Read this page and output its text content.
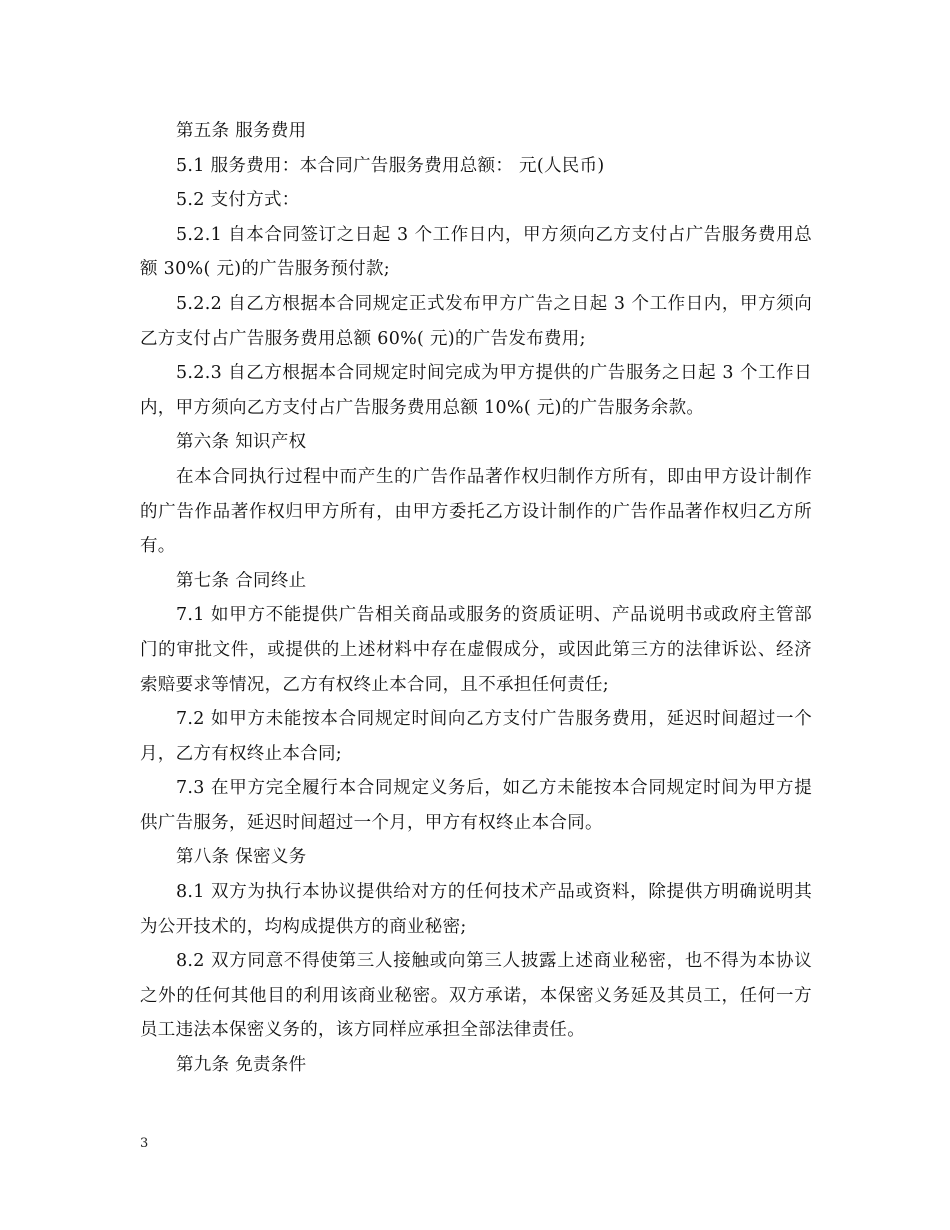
第五条 服务费用

5.1 服务费用：本合同广告服务费用总额： 元(人民币)

5.2 支付方式：

5.2.1 自本合同签订之日起 3 个工作日内，甲方须向乙方支付占广告服务费用总额 30%( 元)的广告服务预付款;

5.2.2 自乙方根据本合同规定正式发布甲方广告之日起 3 个工作日内，甲方须向乙方支付占广告服务费用总额 60%( 元)的广告发布费用;

5.2.3 自乙方根据本合同规定时间完成为甲方提供的广告服务之日起 3 个工作日内，甲方须向乙方支付占广告服务费用总额 10%( 元)的广告服务余款。

第六条 知识产权

在本合同执行过程中而产生的广告作品著作权归制作方所有，即由甲方设计制作的广告作品著作权归甲方所有，由甲方委托乙方设计制作的广告作品著作权归乙方所有。

第七条 合同终止

7.1 如甲方不能提供广告相关商品或服务的资质证明、产品说明书或政府主管部门的审批文件，或提供的上述材料中存在虚假成分，或因此第三方的法律诉讼、经济索赔要求等情况，乙方有权终止本合同，且不承担任何责任;

7.2 如甲方未能按本合同规定时间向乙方支付广告服务费用，延迟时间超过一个月，乙方有权终止本合同;

7.3 在甲方完全履行本合同规定义务后，如乙方未能按本合同规定时间为甲方提供广告服务，延迟时间超过一个月，甲方有权终止本合同。

第八条 保密义务

8.1 双方为执行本协议提供给对方的任何技术产品或资料，除提供方明确说明其为公开技术的，均构成提供方的商业秘密;

8.2 双方同意不得使第三人接触或向第三人披露上述商业秘密，也不得为本协议之外的任何其他目的利用该商业秘密。双方承诺，本保密义务延及其员工，任何一方员工违法本保密义务的，该方同样应承担全部法律责任。

第九条 免责条件

3
